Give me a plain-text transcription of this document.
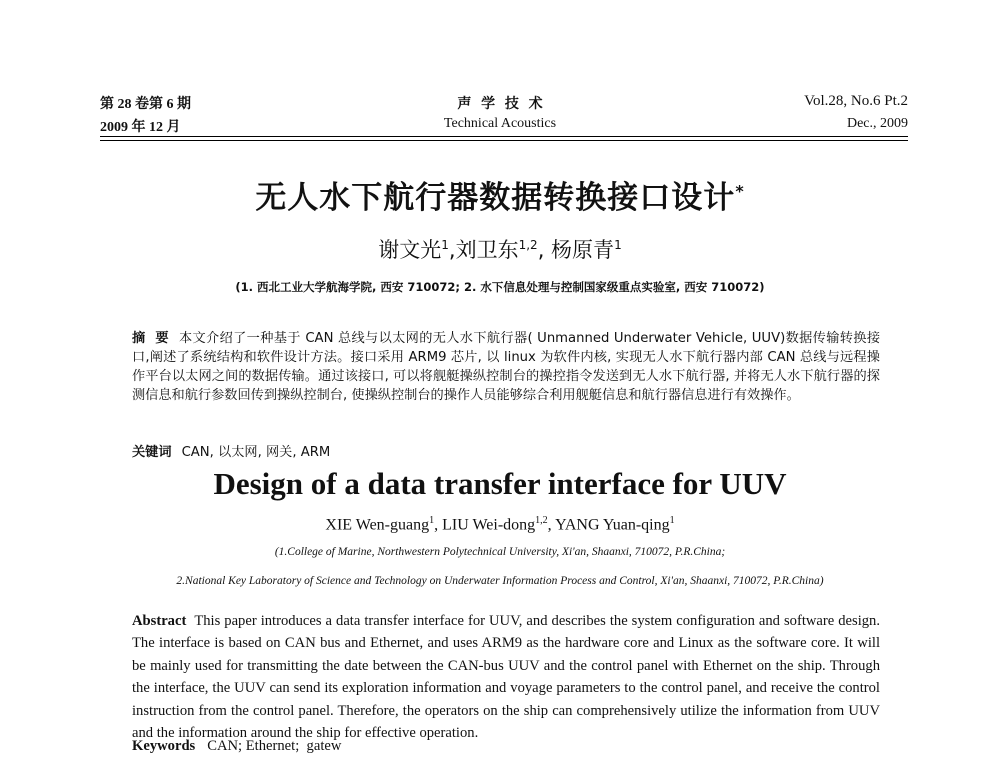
第 28 卷第 6 期
2009 年 12 月
声  学  技  术
Technical Acoustics
Vol.28, No.6 Pt.2
Dec., 2009
无人水下航行器数据转换接口设计*
谢文光$^1$,刘卫东$^{1,2}$, 杨原青$^1$
(1. 西北工业大学航海学院, 西安 710072; 2. 水下信息处理与控制国家级重点实验室, 西安 710072)
摘  要 本文介绍了一种基于 CAN 总线与以太网的无人水下航行器( Unmanned Underwater Vehicle, UUV)数据传输转换接口,阐述了系统结构和软件设计方法。接口采用 ARM9 芯片, 以 linux 为软件内核, 实现无人水下航行器内部 CAN 总线与远程操作平台以太网之间的数据传输。通过该接口, 可以将舰艇操纵控制台的操控指令发送到无人水下航行器, 并将无人水下航行器的探测信息和航行参数回传到操纵控制台, 使操纵控制台的操作人员能够综合利用舰艇信息和航行器信息进行有效操作。
关键词 CAN, 以太网, 网关, ARM
Design of a data transfer interface for UUV
XIE Wen-guang$^1$, LIU Wei-dong$^{1,2}$, YANG Yuan-qing$^1$
(1.College of Marine, Northwestern Polytechnical University, Xi'an, Shaanxi, 710072, P.R.China;
2.National Key Laboratory of Science and Technology on Underwater Information Process and Control, Xi'an, Shaanxi, 710072, P.R.China)
Abstract This paper introduces a data transfer interface for UUV, and describes the system configuration and software design. The interface is based on CAN bus and Ethernet, and uses ARM9 as the hardware core and Linux as the software core. It will be mainly used for transmitting the date between the CAN-bus UUV and the control panel with Ethernet on the ship. Through the interface, the UUV can send its exploration information and voyage parameters to the control panel, and receive the control instruction from the control panel. Therefore, the operators on the ship can comprehensively utilize the information from UUV and the information around the ship for effective operation.
Keywords CAN; Ethernet;  gatew
